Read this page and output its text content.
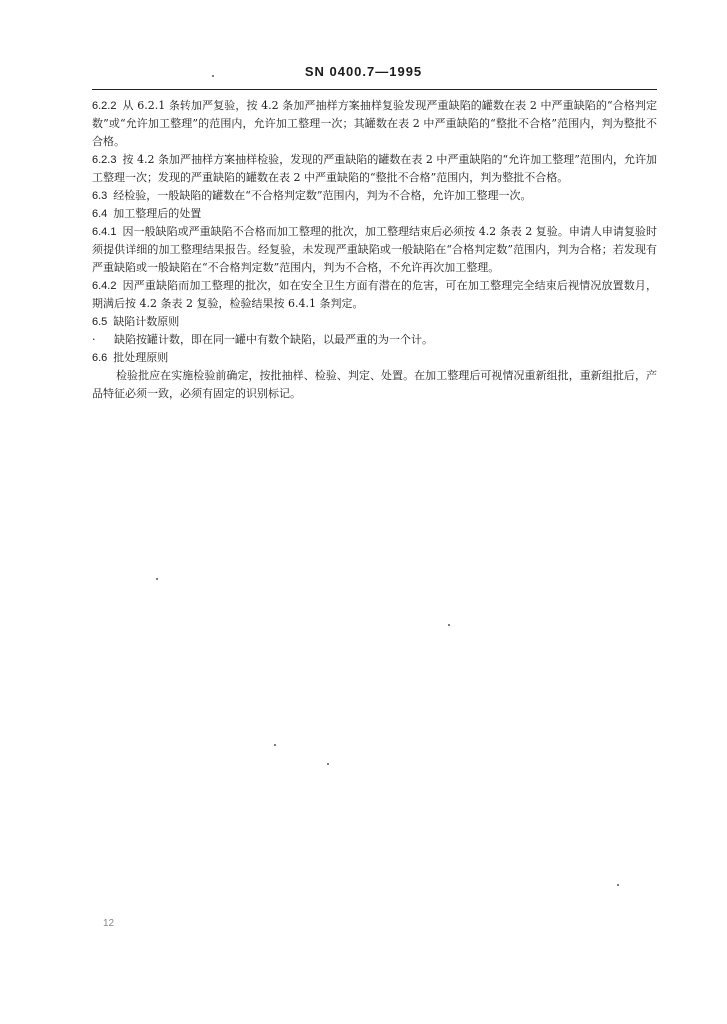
SN 0400.7—1995

6.2.2 从 6.2.1 条转加严复验，按 4.2 条加严抽样方案抽样复验发现严重缺陷的罐数在表 2 中严重缺陷的“合格判定数”或“允许加工整理”的范围内，允许加工整理一次；其罐数在表 2 中严重缺陷的“整批不合格”范围内，判为整批不合格。

6.2.3 按 4.2 条加严抽样方案抽样检验，发现的严重缺陷的罐数在表 2 中严重缺陷的“允许加工整理”范围内，允许加工整理一次；发现的严重缺陷的罐数在表 2 中严重缺陷的“整批不合格”范围内，判为整批不合格。

6.3 经检验，一般缺陷的罐数在“不合格判定数”范围内，判为不合格，允许加工整理一次。

6.4 加工整理后的处置

6.4.1 因一般缺陷或严重缺陷不合格而加工整理的批次，加工整理结束后必须按 4.2 条表 2 复验。申请人申请复验时须提供详细的加工整理结果报告。经复验，未发现严重缺陷或一般缺陷在“合格判定数”范围内，判为合格；若发现有严重缺陷或一般缺陷在“不合格判定数”范围内，判为不合格，不允许再次加工整理。

6.4.2 因严重缺陷而加工整理的批次，如在安全卫生方面有潜在的危害，可在加工整理完全结束后视情况放置数月，期满后按 4.2 条表 2 复验，检验结果按 6.4.1 条判定。

6.5 缺陷计数原则

· 缺陷按罐计数，即在同一罐中有数个缺陷，以最严重的为一个计。

6.6 批处理原则

检验批应在实施检验前确定，按批抽样、检验、判定、处置。在加工整理后可视情况重新组批，重新组批后，产品特征必须一致，必须有固定的识别标记。

12
